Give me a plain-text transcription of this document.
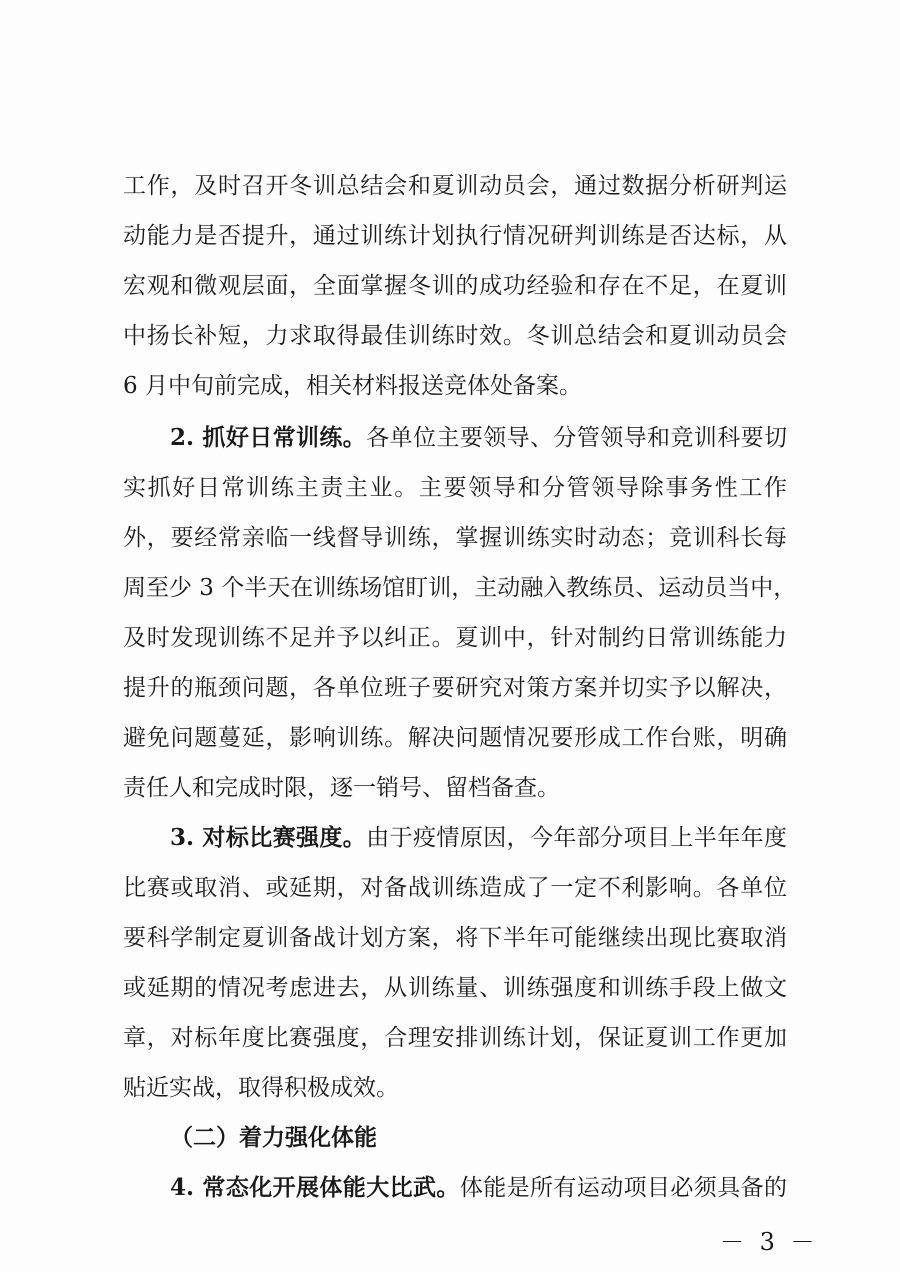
工作，及时召开冬训总结会和夏训动员会，通过数据分析研判运
动能力是否提升，通过训练计划执行情况研判训练是否达标，从
宏观和微观层面，全面掌握冬训的成功经验和存在不足，在夏训
中扬长补短，力求取得最佳训练时效。冬训总结会和夏训动员会
6 月中旬前完成，相关材料报送竞体处备案。
2. 抓好日常训练。各单位主要领导、分管领导和竞训科要切
实抓好日常训练主责主业。主要领导和分管领导除事务性工作
外，要经常亲临一线督导训练，掌握训练实时动态；竞训科长每
周至少 3 个半天在训练场馆盯训，主动融入教练员、运动员当中，
及时发现训练不足并予以纠正。夏训中，针对制约日常训练能力
提升的瓶颈问题，各单位班子要研究对策方案并切实予以解决，
避免问题蔓延，影响训练。解决问题情况要形成工作台账，明确
责任人和完成时限，逐一销号、留档备查。
3. 对标比赛强度。由于疫情原因，今年部分项目上半年年度
比赛或取消、或延期，对备战训练造成了一定不利影响。各单位
要科学制定夏训备战计划方案，将下半年可能继续出现比赛取消
或延期的情况考虑进去，从训练量、训练强度和训练手段上做文
章，对标年度比赛强度，合理安排训练计划，保证夏训工作更加
贴近实战，取得积极成效。
（二）着力强化体能
4. 常态化开展体能大比武。体能是所有运动项目必须具备的
－ 3 －
